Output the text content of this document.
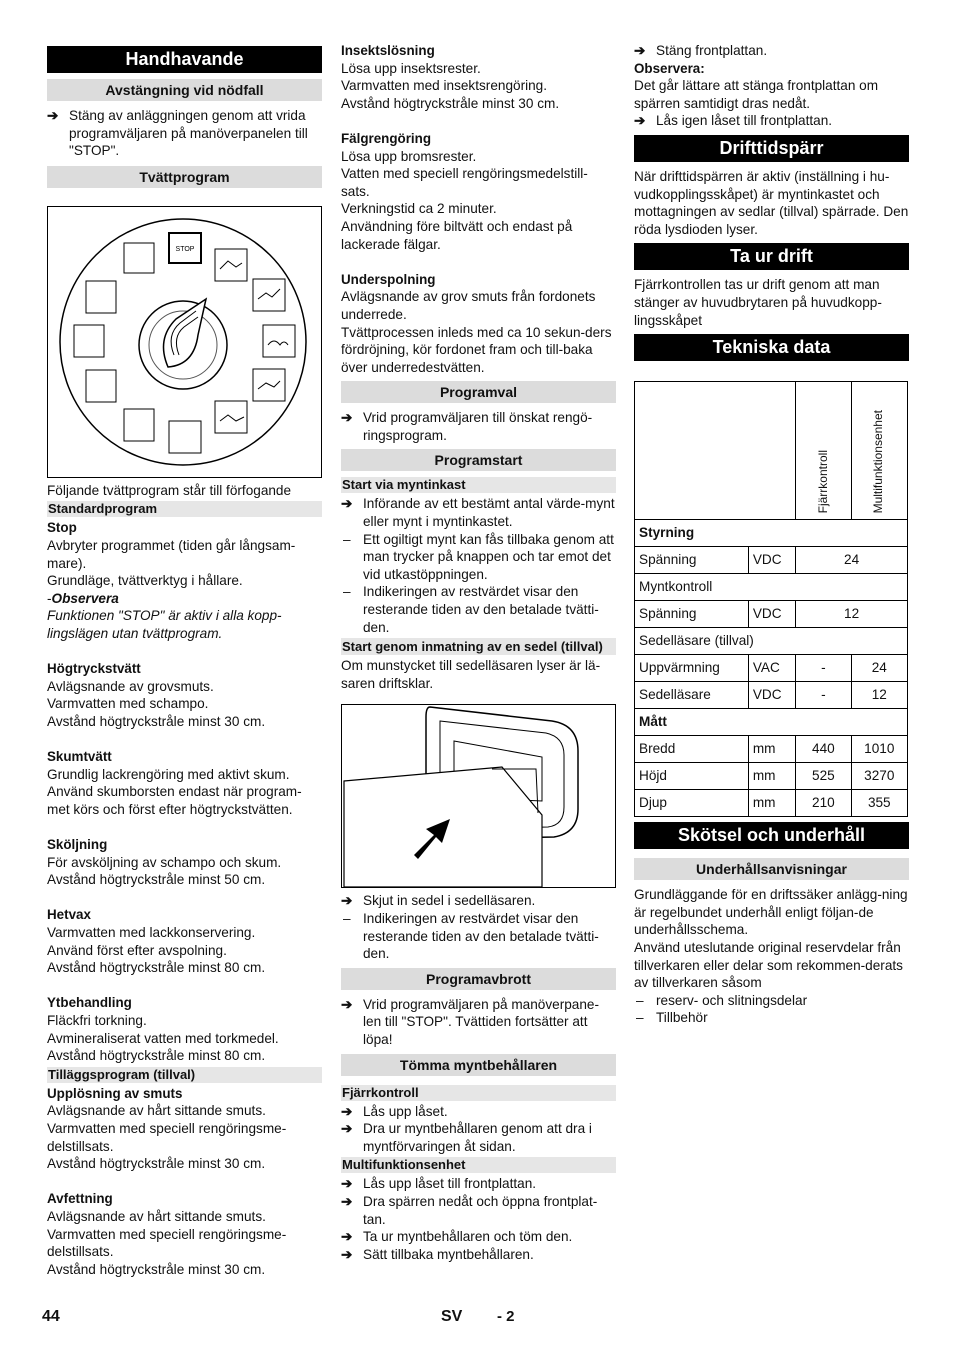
Handhavande
Avstängning vid nödfall
➔ Stäng av anläggningen genom att vrida programväljaren på manöverpanelen till "STOP".
Tvättprogram
STOP

Följande tvättprogram står till förfogande

Standardprogram

Stop

Avbryter programmet (tiden går långsam-

mare).

Grundläge, tvättverktyg i hållare.

-Observera

Funktionen "STOP" är aktiv i alla kopp-lingslägen utan tvättprogram.

Högtryckstvätt

Avlägsnande av grovsmuts.

Varmvatten med schampo.

Avstånd högtryckstråle minst 30 cm.

Skumtvätt

Grundlig lackrengöring med aktivt skum.

Använd skumborsten endast när program-met körs och först efter högtryckstvätten.

Sköljning

För avsköljning av schampo och skum.

Avstånd högtryckstråle minst 50 cm.

Hetvax

Varmvatten med lackkonservering.

Använd först efter avspolning.

Avstånd högtryckstråle minst 80 cm.

Ytbehandling

Fläckfri torkning.

Avmineraliserat vatten med torkmedel.

Avstånd högtryckstråle minst 80 cm.

Tilläggsprogram (tillval)

Upplösning av smuts

Avlägsnande av hårt sittande smuts.

Varmvatten med speciell rengöringsme-delstillsats.

Avstånd högtryckstråle minst 30 cm.

Avfettning

Avlägsnande av hårt sittande smuts.

Varmvatten med speciell rengöringsme-delstillsats.

Avstånd högtryckstråle minst 30 cm.

Insektslösning

Lösa upp insektsrester.

Varmvatten med insektsrengöring.

Avstånd högtryckstråle minst 30 cm.

Fälgrengöring

Lösa upp bromsrester.

Vatten med speciell rengöringsmedelstill-sats.

Verkningstid ca 2 minuter.

Användning före biltvätt och endast på lackerade fälgar.

Underspolning

Avlägsnande av grov smuts från fordonets underrede.

Tvättprocessen inleds med ca 10 sekun-ders fördröjning, kör fordonet fram och till-baka över underredestvätten.

Programval
➔ Vrid programväljaren till önskat rengö-ringsprogram.
Programstart
Start via myntinkast
➔ Införande av ett bestämt antal värde-mynt eller mynt i myntinkastet.
– Ett ogiltigt mynt kan fås tillbaka genom att man trycker på knappen och tar emot det vid utkastöppningen.
– Indikeringen av restvärdet visar den resterande tiden av den betalade tvätti-den.
Start genom inmatning av en sedel (tillval)

Om munstycket till sedelläsaren lyser är lä-saren driftsklar.

➔ Skjut in sedel i sedelläsaren.
– Indikeringen av restvärdet visar den resterande tiden av den betalade tvätti-den.
Programavbrott
➔ Vrid programväljaren på manöverpane-len till "STOP". Tvättiden fortsätter att löpa!
Tömma myntbehållaren
Fjärrkontroll
➔ Lås upp låset.
➔ Dra ur myntbehållaren genom att dra i myntförvaringen åt sidan.
Multifunktionsenhet
➔ Lås upp låset till frontplattan.
➔ Dra spärren nedåt och öppna frontplat-tan.
➔ Ta ur myntbehållaren och töm den.
➔ Sätt tillbaka myntbehållaren.
➔ Stäng frontplattan.

Observera:

Det går lättare att stänga frontplattan om spärren samtidigt dras nedåt.

➔ Lås igen låset till frontplattan.
Drifttidspärr

När drifttidspärren är aktiv (inställning i hu-vudkopplingsskåpet) är myntinkastet och mottagningen av sedlar (tillval) spärrade. Den röda lysdioden lyser.

Ta ur drift

Fjärrkontrollen tas ur drift genom att man stänger av huvudbrytaren på huvudkopp-lingsskåpet

Tekniska data

		Fjärrkontroll	Multifunktionsenhet

Styrning			
Spänning	VDC	24	
Myntkontroll			
Spänning	VDC	12	
Sedelläsare (tillval)			
Uppvärmning	VAC	-	24
Sedelläsare	VDC	-	12
Mått			
Bredd	mm	440	1010
Höjd	mm	525	3270
Djup	mm	210	355
Skötsel och underhåll
Underhållsanvisningar

Grundläggande för en driftssäker anlägg-ning är regelbundet underhåll enligt följan-de underhållsschema.

Använd uteslutande original reservdelar från tillverkaren eller delar som rekommen-derats av tillverkaren såsom

– reserv- och slitningsdelar
– Tillbehör
44	SV - 2
